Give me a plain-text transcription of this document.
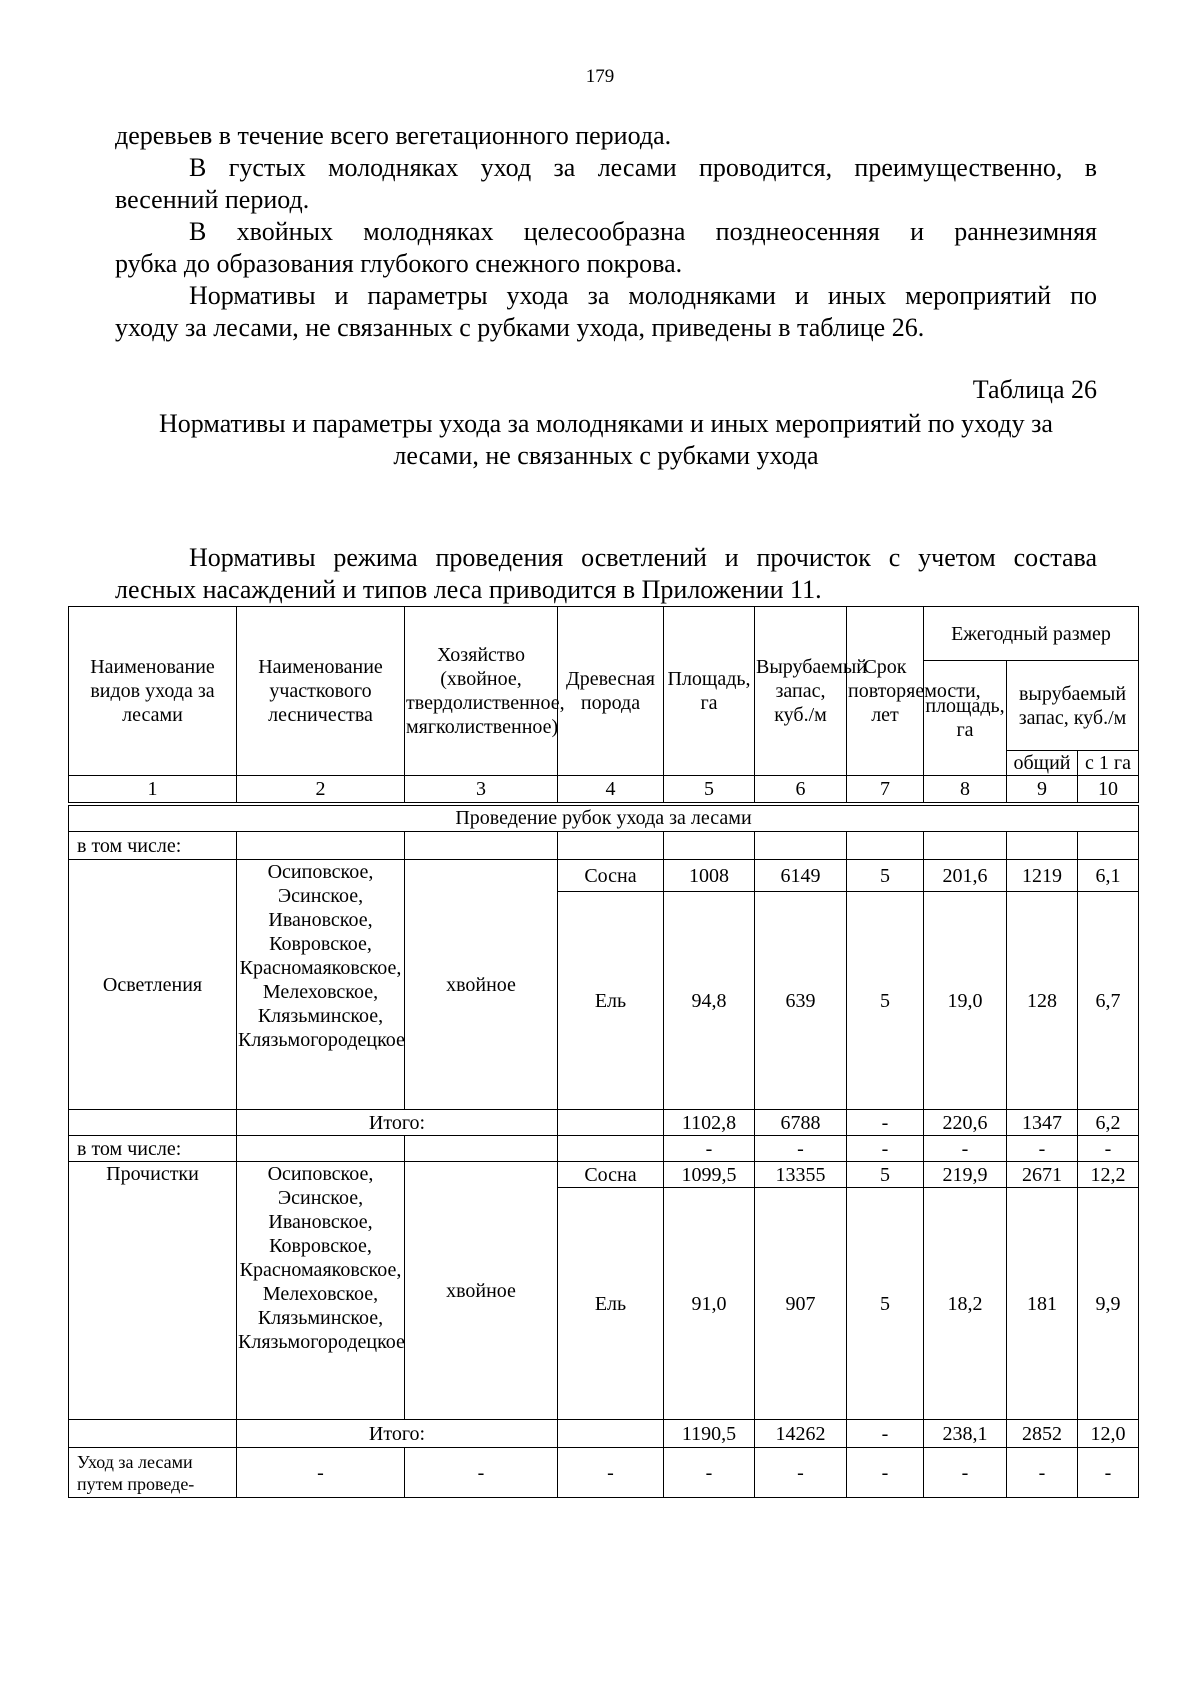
179

деревьев в течение всего вегетационного периода.

В густых молодняках уход за лесами проводится, преимущественно, в

весенний период.

В хвойных молодняках целесообразна позднеосенняя и раннезимняя

рубка до образования глубокого снежного покрова.

Нормативы и параметры ухода за молодняками и иных мероприятий по

уходу за лесами, не связанных с рубками ухода, приведены в таблице 26.

Таблица 26

Нормативы и параметры ухода за молодняками и иных мероприятий по уходу за

лесами, не связанных с рубками ухода

Нормативы режима проведения осветлений и прочисток с учетом состава

лесных насаждений и типов леса приводится в Приложении 11.

Наименование видов ухода за лесами	Наименование участкового лесничества	Хозяйство (хвойное, твердолиственное, мягколиственное)	Древесная порода	Площадь, га	Вырубаемый запас, куб./м	Срок повторяемости, лет	Ежегодный размер		

							площадь, га	вырубаемый запас, куб./м	
								общий	с 1 га
1	2	3	4	5	6	7	8	9	10
Проведение рубок ухода за лесами									
в том числе:									
Осветления	Осиповское, Эсинское, Ивановское, Ковровское, Красномаяковское, Мелеховское, Клязьминское, Клязьмогородецкое	хвойное	Сосна	1008	6149	5	201,6	1219	6,1
			Ель	94,8	639	5	19,0	128	6,7
	Итого:			1102,8	6788	-	220,6	1347	6,2
в том числе:				-	-	-	-	-	-
Прочистки	Осиповское, Эсинское, Ивановское, Ковровское, Красномаяковское, Мелеховское, Клязьминское, Клязьмогородецкое	хвойное	Сосна	1099,5	13355	5	219,9	2671	12,2
			Ель	91,0	907	5	18,2	181	9,9
	Итого:			1190,5	14262	-	238,1	2852	12,0
Уход за лесами путем проведе-	-	-	-	-	-	-	-	-	-
